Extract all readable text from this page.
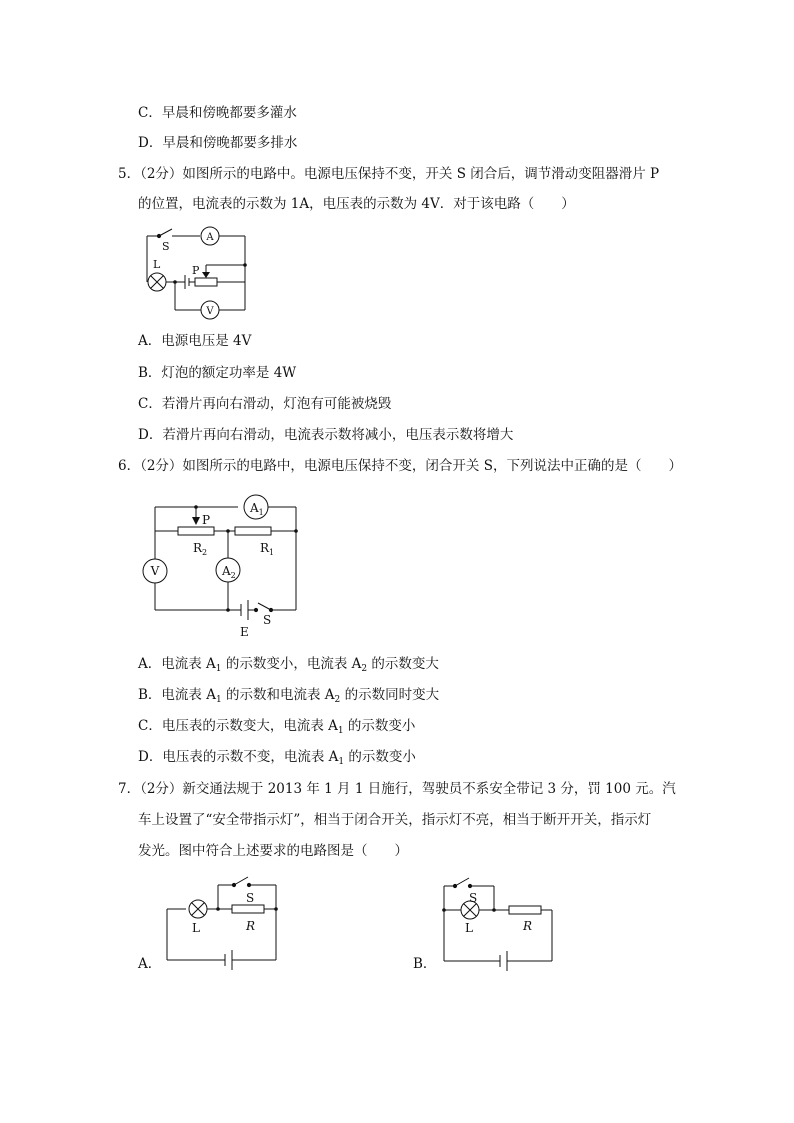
C．早晨和傍晚都要多灌水
D．早晨和傍晚都要多排水
5．（2分）如图所示的电路中。电源电压保持不变，开关 S 闭合后，调节滑动变阻器滑片 P
的位置，电流表的示数为 1A，电压表的示数为 4V．对于该电路（　　）
S
A
L	P
V
A．电源电压是 4V
B．灯泡的额定功率是 4W
C．若滑片再向右滑动，灯泡有可能被烧毁
D．若滑片再向右滑动，电流表示数将减小，电压表示数将增大
6．（2分）如图所示的电路中，电源电压保持不变，闭合开关 S，下列说法中正确的是（　　）
$A_1$
P
$R_2$	$R_1$
V	$A_2$
E
S
A．电流表 $A_1$ 的示数变小，电流表 $A_2$ 的示数变大
B．电流表 $A_1$ 的示数和电流表 $A_2$ 的示数同时变大
C．电压表的示数变大，电流表 $A_1$ 的示数变小
D．电压表的示数不变，电流表 $A_1$ 的示数变小
7．（2分）新交通法规于 2013 年 1 月 1 日施行，驾驶员不系安全带记 3 分，罚 100 元。汽
车上设置了“安全带指示灯”，相当于闭合开关，指示灯不亮，相当于断开开关，指示灯
发光。图中符合上述要求的电路图是（　　）
S
L	R
A．
S
L	R
B．
